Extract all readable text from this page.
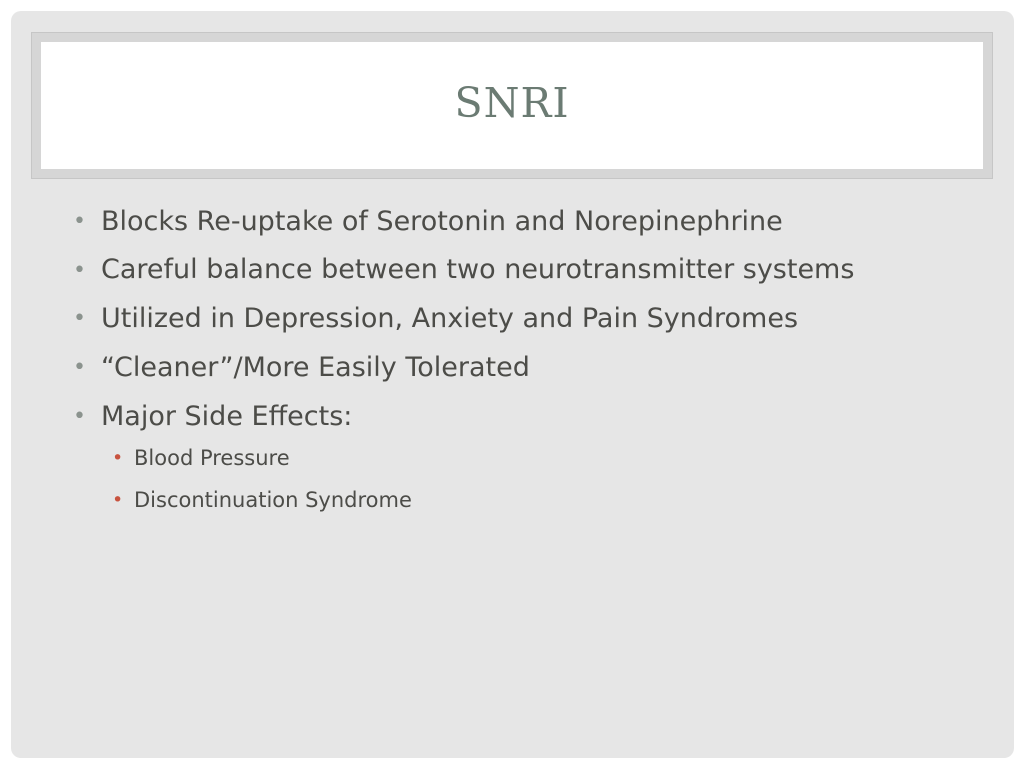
SNRI
• Blocks Re-uptake of Serotonin and Norepinephrine
• Careful balance between two neurotransmitter systems
• Utilized in Depression, Anxiety and Pain Syndromes
• “Cleaner”/More Easily Tolerated
• Major Side Effects:
• Blood Pressure
• Discontinuation Syndrome
